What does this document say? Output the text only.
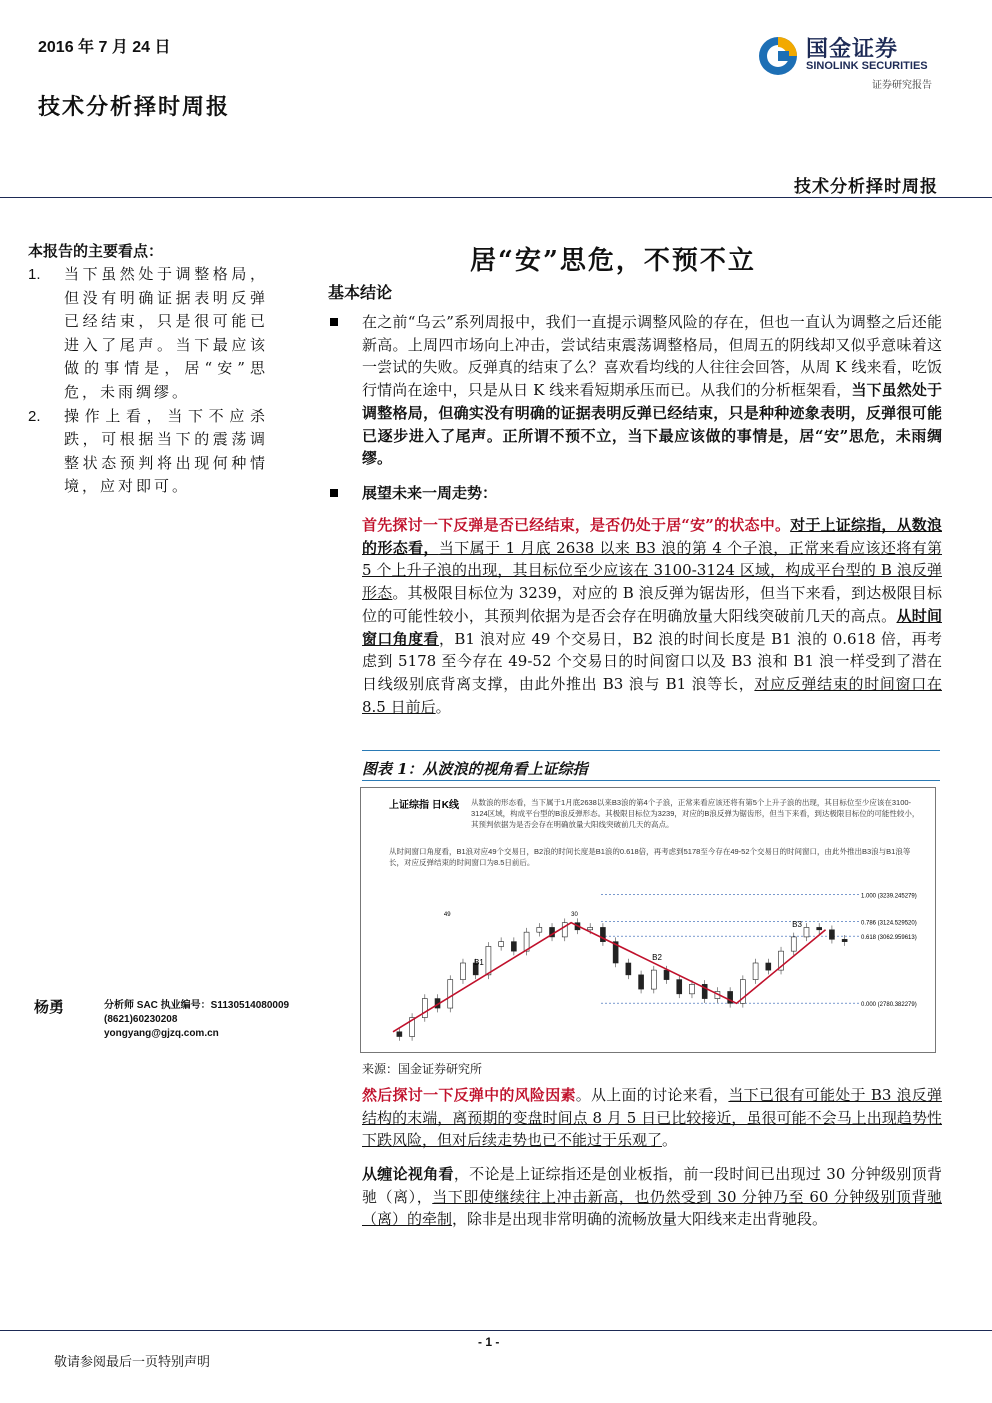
2016 年 7 月 24 日
技术分析择时周报
国金证券
SINOLINK SECURITIES
证券研究报告
技术分析择时周报
本报告的主要看点：
1.	当下虽然处于调整格局，但没有明确证据表明反弹已经结束，只是很可能已进入了尾声。当下最应该做的事情是，居“安”思危，未雨绸缪。
2.	操作上看，当下不应杀跌，可根据当下的震荡调整状态预判将出现何种情境，应对即可。
杨勇	分析师 SAC 执业编号：S1130514080009
(8621)60230208
yongyang@gjzq.com.cn
居“安”思危，不预不立
基本结论
在之前“乌云”系列周报中，我们一直提示调整风险的存在，但也一直认为调整之后还能新高。上周四市场向上冲击，尝试结束震荡调整格局，但周五的阴线却又似乎意味着这一尝试的失败。反弹真的结束了么？喜欢看均线的人往往会回答，从周 K 线来看，吃饭行情尚在途中，只是从日 K 线来看短期承压而已。从我们的分析框架看，当下虽然处于调整格局，但确实没有明确的证据表明反弹已经结束，只是种种迹象表明，反弹很可能已逐步进入了尾声。正所谓不预不立，当下最应该做的事情是，居“安”思危，未雨绸缪。
展望未来一周走势：
首先探讨一下反弹是否已经结束，是否仍处于居“安”的状态中。对于上证综指，从数浪的形态看，当下属于 1 月底 2638 以来 B3 浪的第 4 个子浪，正常来看应该还将有第 5 个上升子浪的出现，其目标位至少应该在 3100-3124 区域，构成平台型的 B 浪反弹形态。其极限目标位为 3239，对应的 B 浪反弹为锯齿形，但当下来看，到达极限目标位的可能性较小，其预判依据为是否会存在明确放量大阳线突破前几天的高点。从时间窗口角度看，B1 浪对应 49 个交易日，B2 浪的时间长度是 B1 浪的 0.618 倍，再考虑到 5178 至今存在 49-52 个交易日的时间窗口以及 B3 浪和 B1 浪一样受到了潜在日线级别底背离支撑，由此外推出 B3 浪与 B1 浪等长，对应反弹结束的时间窗口在 8.5 日前后。
图表 1：从波浪的视角看上证综指
上证综指 日K线 从数浪的形态看，当下属于1月底2638以来B3浪的第4个子浪，正常来看应该还将有第5个上升子浪的出现，其目标位至少应该在3100-3124区域，构成平台型的B浪反弹形态。其极限目标位为3239，对应的B浪反弹为锯齿形，但当下来看，到达极限目标位的可能性较小，其预判依据为是否会存在明确放量大阳线突破前几天的高点。
从时间窗口角度看，B1浪对应49个交易日，B2浪的时间长度是B1浪的0.618倍，再考虑到5178至今存在49-52个交易日的时间窗口，由此外推出B3浪与B1浪等长，对应反弹结束的时间窗口为8.5日前后。
1.000 (3239.245279)
0.786 (3124.529520)
0.618 (3062.959613)
0.000 (2780.382279)
B1
B2
B3
49	30
来源：国金证券研究所
然后探讨一下反弹中的风险因素。从上面的讨论来看，当下已很有可能处于 B3 浪反弹结构的末端，离预期的变盘时间点 8 月 5 日已比较接近，虽很可能不会马上出现趋势性下跌风险，但对后续走势也已不能过于乐观了。
从缠论视角看，不论是上证综指还是创业板指，前一段时间已出现过 30 分钟级别顶背驰（离），当下即使继续往上冲击新高，也仍然受到 30 分钟乃至 60 分钟级别顶背驰（离）的牵制，除非是出现非常明确的流畅放量大阳线来走出背驰段。
- 1 -
敬请参阅最后一页特别声明
